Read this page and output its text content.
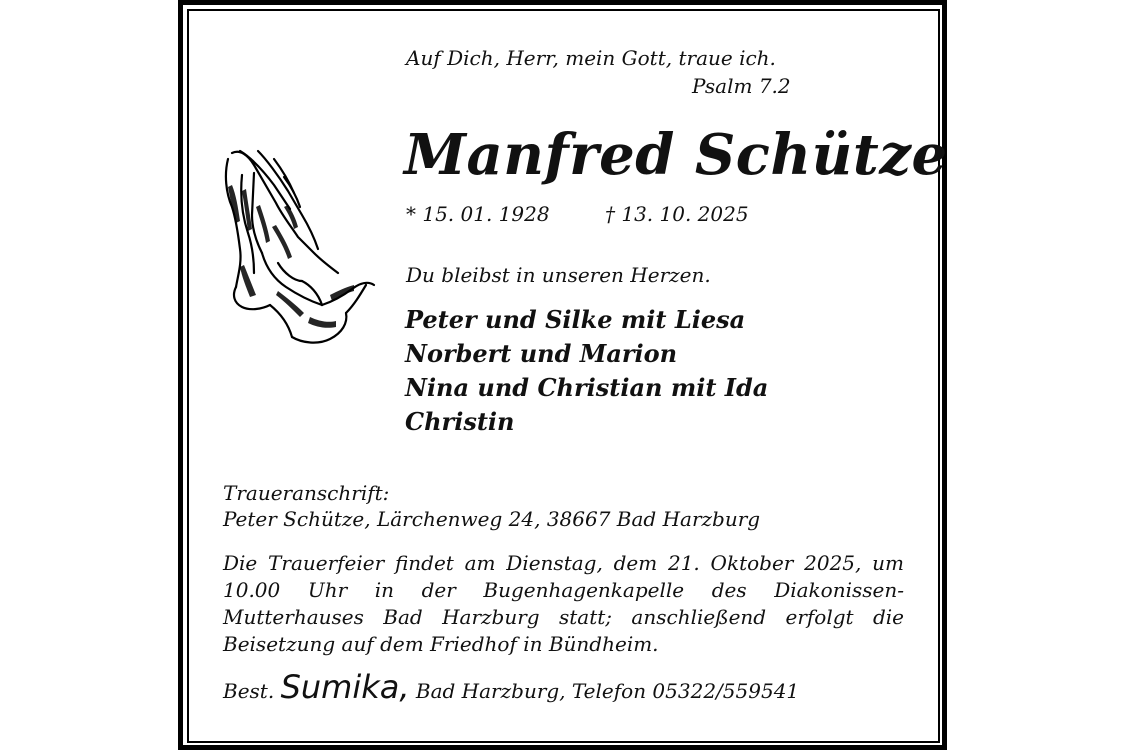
Auf Dich, Herr, mein Gott, traue ich.
Psalm 7.2
Manfred Schütze
* 15. 01. 1928	† 13. 10. 2025
Du bleibst in unseren Herzen.
Peter und Silke mit Liesa
Norbert und Marion
Nina und Christian mit Ida
Christin
Traueranschrift:
Peter Schütze, Lärchenweg 24, 38667 Bad Harzburg
Die Trauerfeier findet am Dienstag, dem 21. Oktober 2025, um 10.00 Uhr in der Bugenhagenkapelle des Diakonissen-Mutterhauses Bad Harzburg statt; anschließend erfolgt die Beisetzung auf dem Friedhof in Bündheim.
Best. Sumika, Bad Harzburg, Telefon 05322/559541
